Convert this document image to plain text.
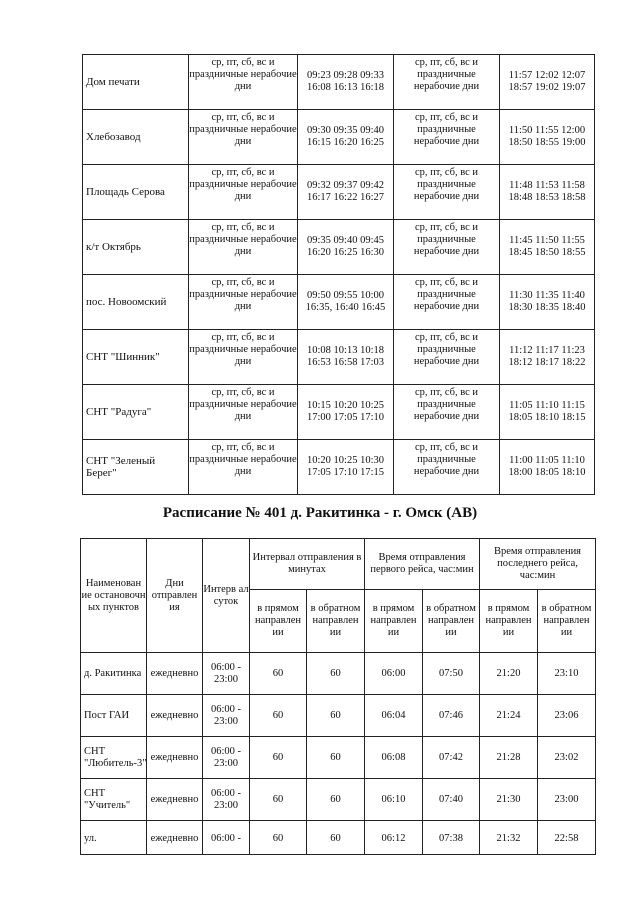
Дом печати	ср, пт, сб, вс и праздничные нерабочие дни	09:23 09:28 09:33 16:08 16:13 16:18	ср, пт, сб, вс и праздничные нерабочие дни	11:57 12:02 12:07 18:57 19:02 19:07
Хлебозавод	ср, пт, сб, вс и праздничные нерабочие дни	09:30 09:35 09:40 16:15 16:20 16:25	ср, пт, сб, вс и праздничные нерабочие дни	11:50 11:55 12:00 18:50 18:55 19:00
Площадь Серова	ср, пт, сб, вс и праздничные нерабочие дни	09:32 09:37 09:42 16:17 16:22 16:27	ср, пт, сб, вс и праздничные нерабочие дни	11:48 11:53 11:58 18:48 18:53 18:58
к/т Октябрь	ср, пт, сб, вс и праздничные нерабочие дни	09:35 09:40 09:45 16:20 16:25 16:30	ср, пт, сб, вс и праздничные нерабочие дни	11:45 11:50 11:55 18:45 18:50 18:55
пос. Новоомский	ср, пт, сб, вс и праздничные нерабочие дни	09:50 09:55 10:00 16:35, 16:40 16:45	ср, пт, сб, вс и праздничные нерабочие дни	11:30 11:35 11:40 18:30 18:35 18:40
СНТ "Шинник"	ср, пт, сб, вс и праздничные нерабочие дни	10:08 10:13 10:18 16:53 16:58 17:03	ср, пт, сб, вс и праздничные нерабочие дни	11:12 11:17 11:23 18:12 18:17 18:22
СНТ "Радуга"	ср, пт, сб, вс и праздничные нерабочие дни	10:15 10:20 10:25 17:00 17:05 17:10	ср, пт, сб, вс и праздничные нерабочие дни	11:05 11:10 11:15 18:05 18:10 18:15
СНТ "Зеленый Берег"	ср, пт, сб, вс и праздничные нерабочие дни	10:20 10:25 10:30 17:05 17:10 17:15	ср, пт, сб, вс и праздничные нерабочие дни	11:00 11:05 11:10 18:00 18:05 18:10
Расписание № 401 д. Ракитинка - г. Омск (АВ)
Наименован ие остановочн ых пунктов	Дни отправлен ия	Интерв ал суток	Интервал отправления в минутах		Время отправления первого рейса, час:мин		Время отправления последнего рейса, час:мин	
			в прямом направлен ии	в обратном направлен ии	в прямом направлен ии	в обратном направлен ии	в прямом направлен ии	в обратном направлен ии
д. Ракитинка	ежедневно	06:00 - 23:00	60	60	06:00	07:50	21:20	23:10
Пост ГАИ	ежедневно	06:00 - 23:00	60	60	06:04	07:46	21:24	23:06
СНТ "Любитель-3"	ежедневно	06:00 - 23:00	60	60	06:08	07:42	21:28	23:02
СНТ "Учитель"	ежедневно	06:00 - 23:00	60	60	06:10	07:40	21:30	23:00
ул.	ежедневно	06:00 -	60	60	06:12	07:38	21:32	22:58
